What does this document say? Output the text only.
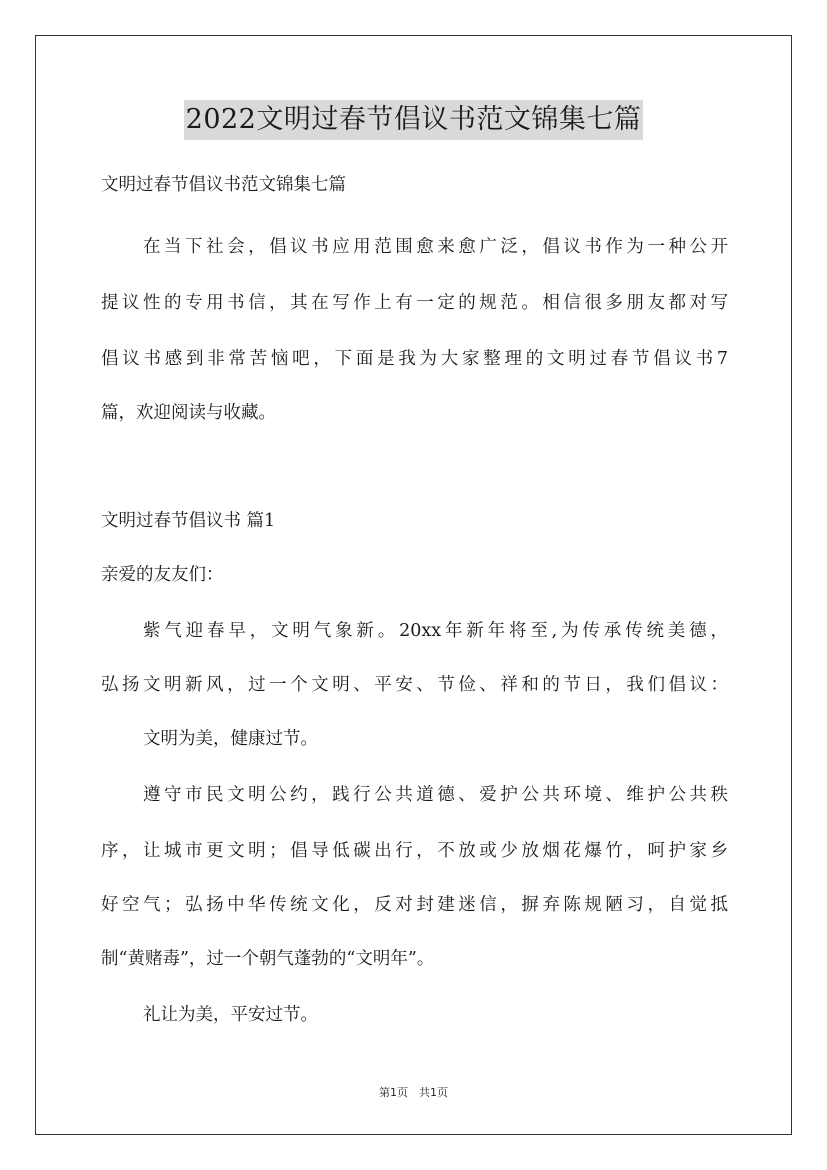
2022文明过春节倡议书范文锦集七篇
文明过春节倡议书范文锦集七篇
在当下社会，倡议书应用范围愈来愈广泛，倡议书作为一种公开
提议性的专用书信，其在写作上有一定的规范。相信很多朋友都对写
倡议书感到非常苦恼吧，下面是我为大家整理的文明过春节倡议书7
篇，欢迎阅读与收藏。
文明过春节倡议书 篇1
亲爱的友友们：
紫气迎春早，文明气象新。20xx年新年将至,为传承传统美德，
弘扬文明新风，过一个文明、平安、节俭、祥和的节日，我们倡议：
文明为美，健康过节。
遵守市民文明公约，践行公共道德、爱护公共环境、维护公共秩
序，让城市更文明；倡导低碳出行，不放或少放烟花爆竹，呵护家乡
好空气；弘扬中华传统文化，反对封建迷信，摒弃陈规陋习，自觉抵
制“黄赌毒”，过一个朝气蓬勃的“文明年”。
礼让为美，平安过节。
第1页　共1页
